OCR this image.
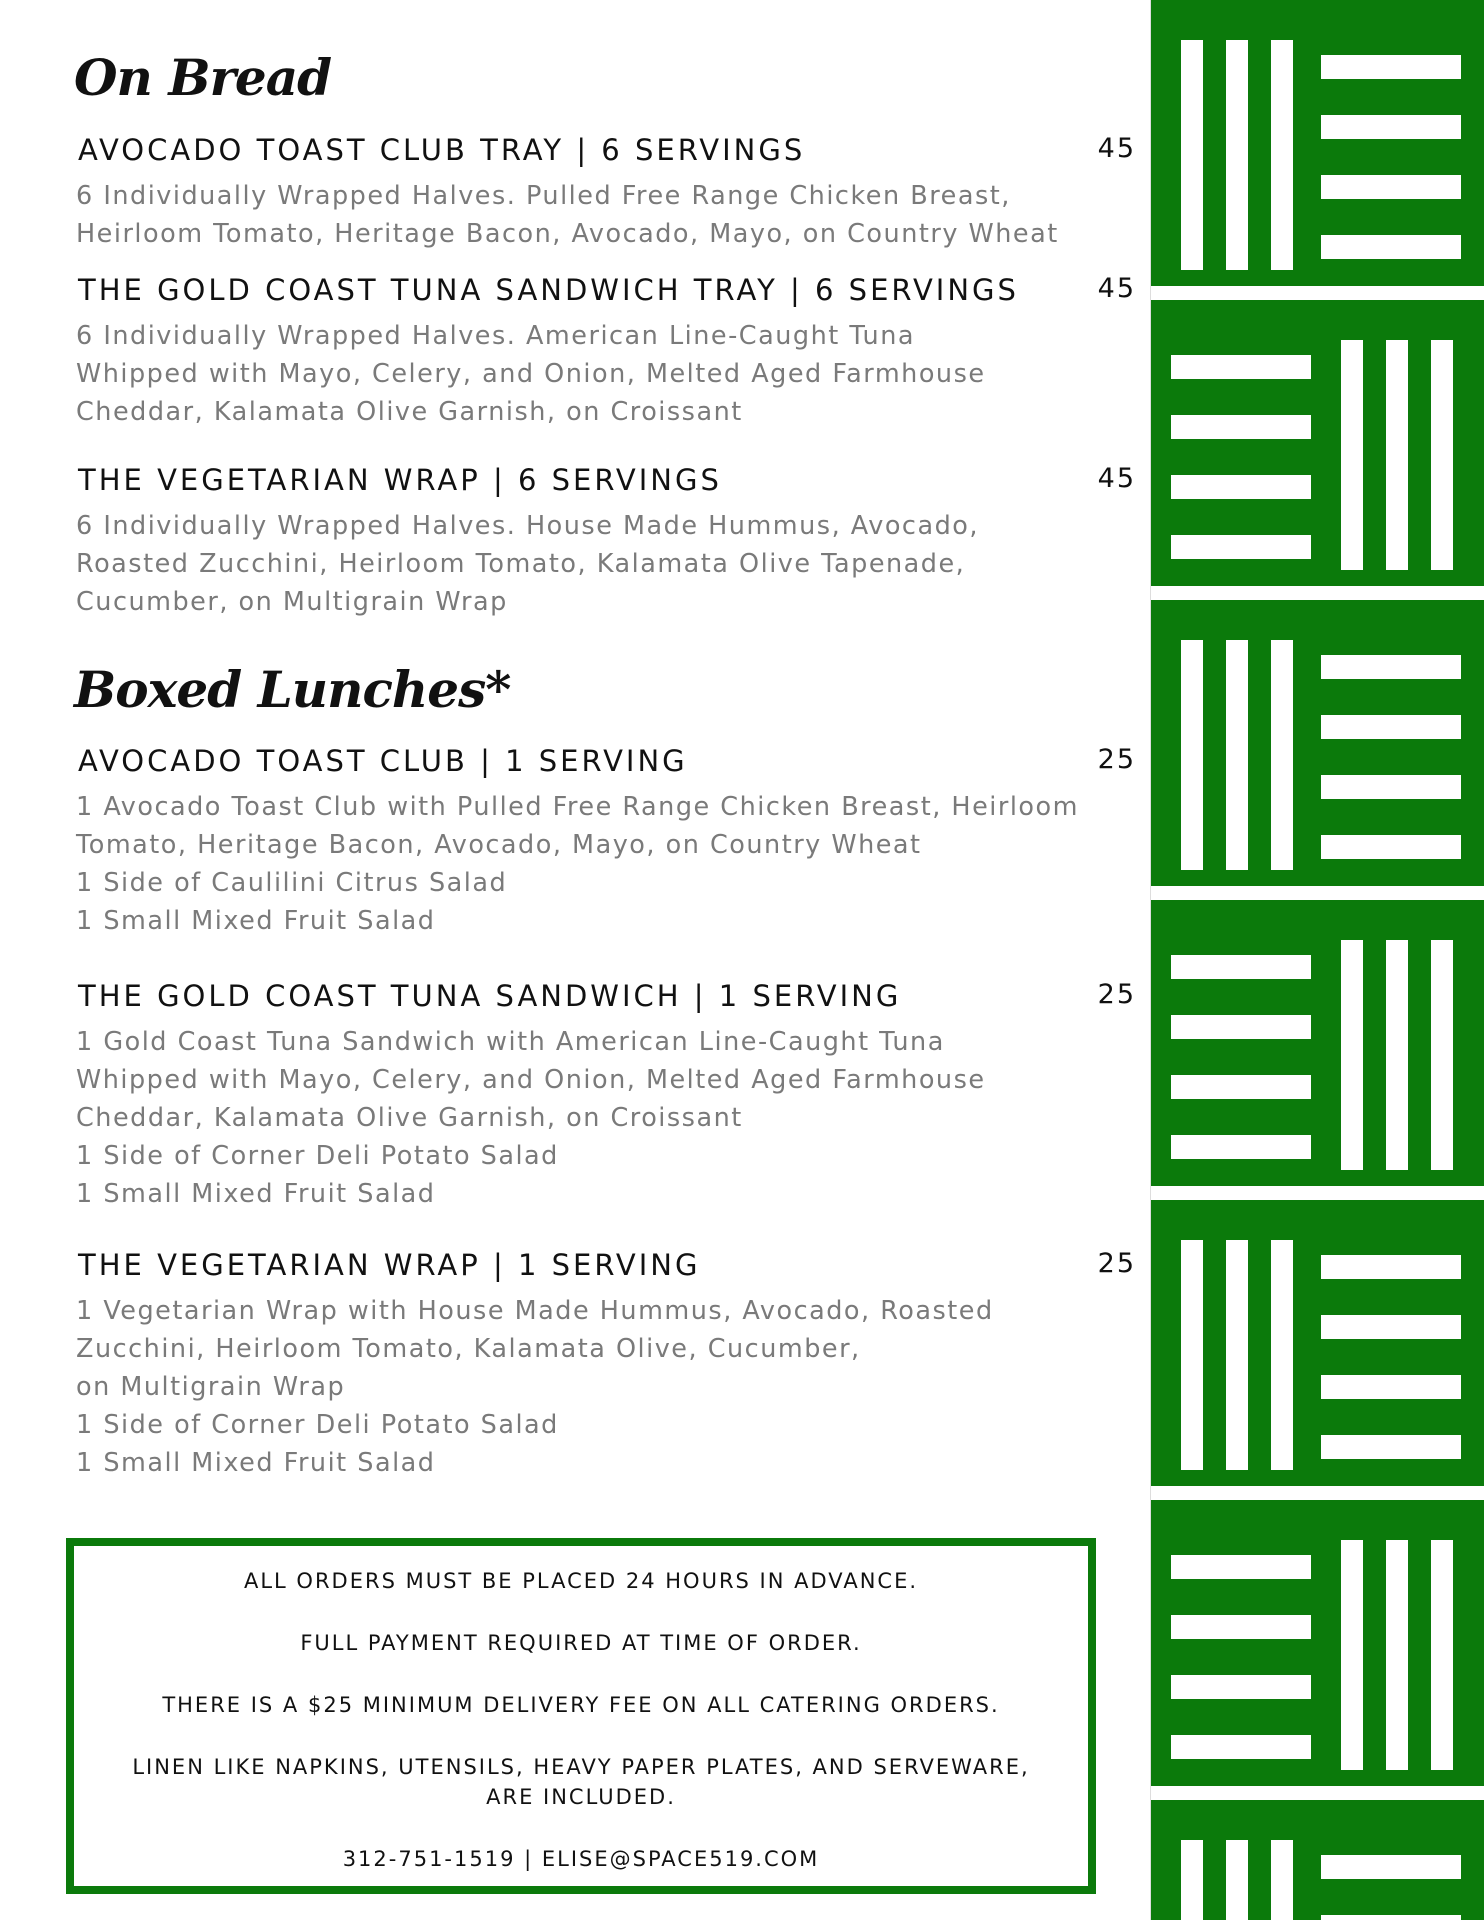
On Bread
AVOCADO TOAST CLUB TRAY | 6 SERVINGS	45
6 Individually Wrapped Halves. Pulled Free Range Chicken Breast,
Heirloom Tomato, Heritage Bacon, Avocado, Mayo, on Country Wheat
THE GOLD COAST TUNA SANDWICH TRAY | 6 SERVINGS	45
6 Individually Wrapped Halves. American Line-Caught Tuna
Whipped with Mayo, Celery, and Onion, Melted Aged Farmhouse
Cheddar, Kalamata Olive Garnish, on Croissant
THE VEGETARIAN WRAP | 6 SERVINGS	45
6 Individually Wrapped Halves. House Made Hummus, Avocado,
Roasted Zucchini, Heirloom Tomato, Kalamata Olive Tapenade,
Cucumber, on Multigrain Wrap
Boxed Lunches*
AVOCADO TOAST CLUB | 1 SERVING	25
1 Avocado Toast Club with Pulled Free Range Chicken Breast, Heirloom
Tomato, Heritage Bacon, Avocado, Mayo, on Country Wheat
1 Side of Caulilini Citrus Salad
1 Small Mixed Fruit Salad
THE GOLD COAST TUNA SANDWICH | 1 SERVING	25
1 Gold Coast Tuna Sandwich with American Line-Caught Tuna
Whipped with Mayo, Celery, and Onion, Melted Aged Farmhouse
Cheddar, Kalamata Olive Garnish, on Croissant
1 Side of Corner Deli Potato Salad
1 Small Mixed Fruit Salad
THE VEGETARIAN WRAP | 1 SERVING	25
1 Vegetarian Wrap with House Made Hummus, Avocado, Roasted
Zucchini, Heirloom Tomato, Kalamata Olive, Cucumber,
on Multigrain Wrap
1 Side of Corner Deli Potato Salad
1 Small Mixed Fruit Salad
ALL ORDERS MUST BE PLACED 24 HOURS IN ADVANCE.
FULL PAYMENT REQUIRED AT TIME OF ORDER.
THERE IS A $25 MINIMUM DELIVERY FEE ON ALL CATERING ORDERS.
LINEN LIKE NAPKINS, UTENSILS, HEAVY PAPER PLATES, AND SERVEWARE,
ARE INCLUDED.
312-751-1519 | ELISE@SPACE519.COM
